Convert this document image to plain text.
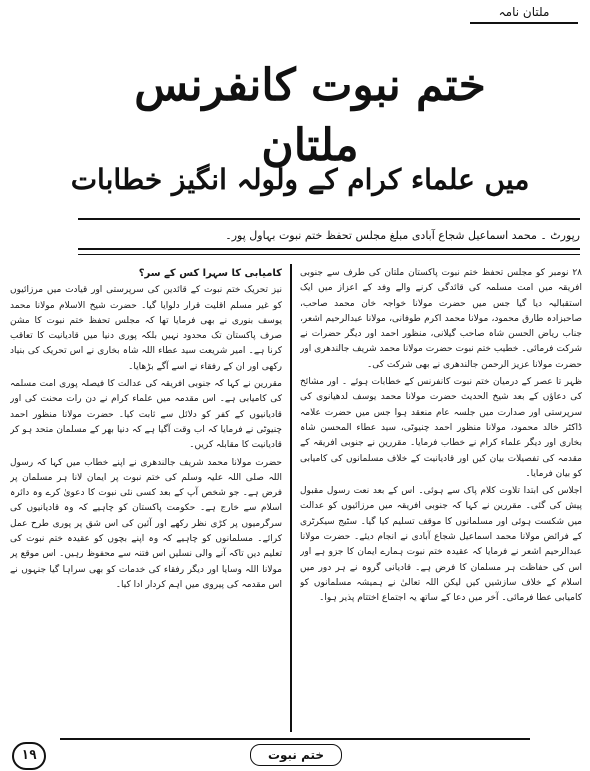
ملتان نامہ
ختم نبوت کانفرنس ملتان
میں علماء کرام کے ولولہ انگیز خطابات
رپورٹ ۔ محمد اسماعیل شجاع آبادی مبلغ مجلس تحفظ ختم نبوت بہاول پور۔

۲۸ نومبر کو مجلس تحفظ ختم نبوت پاکستان ملتان کی طرف سے جنوبی افریقہ میں امت مسلمہ کی قائدگی کرنے والے وفد کے اعزاز میں ایک استقبالیہ دیا گیا جس میں حضرت مولانا خواجہ خان محمد صاحب، صاحبزادہ طارق محمود، مولانا محمد اکرم طوفانی، مولانا عبدالرحیم اشعر، جناب ریاض الحسن شاہ صاحب گیلانی، منظور احمد اور دیگر حضرات نے شرکت فرمائی۔ خطیب ختم نبوت حضرت مولانا محمد شریف جالندھری اور حضرت مولانا عزیز الرحمن جالندھری نے بھی شرکت کی۔

ظہر تا عصر کے درمیان ختم نبوت کانفرنس کے خطابات ہوئے ۔ اور مشائخ کی دعاؤں کے بعد شیخ الحدیث حضرت مولانا محمد یوسف لدھیانوی کی سرپرستی اور صدارت میں جلسہ عام منعقد ہوا جس میں حضرت علامہ ڈاکٹر خالد محمود، مولانا منظور احمد چنیوٹی، سید عطاء المحسن شاہ بخاری اور دیگر علماء کرام نے خطاب فرمایا۔ مقررین نے جنوبی افریقہ کے مقدمہ کی تفصیلات بیان کیں اور قادیانیت کے خلاف مسلمانوں کی کامیابی کو بیان فرمایا۔

اجلاس کی ابتدا تلاوت کلام پاک سے ہوئی۔ اس کے بعد نعت رسول مقبول پیش کی گئی۔ مقررین نے کہا کہ جنوبی افریقہ میں مرزائیوں کو عدالت میں شکست ہوئی اور مسلمانوں کا موقف تسلیم کیا گیا۔ سٹیج سیکرٹری کے فرائض مولانا محمد اسماعیل شجاع آبادی نے انجام دیئے۔ حضرت مولانا عبدالرحیم اشعر نے فرمایا کہ عقیدہ ختم نبوت ہمارے ایمان کا جزو ہے اور اس کی حفاظت ہر مسلمان کا فرض ہے۔ قادیانی گروہ نے ہر دور میں اسلام کے خلاف سازشیں کیں لیکن اللہ تعالیٰ نے ہمیشہ مسلمانوں کو کامیابی عطا فرمائی۔ آخر میں دعا کے ساتھ یہ اجتماع اختتام پذیر ہوا۔

کامیابی کا سہرا کس کے سر؟

نیز تحریک ختم نبوت کے قائدین کی سرپرستی اور قیادت میں مرزائیوں کو غیر مسلم اقلیت قرار دلوایا گیا۔ حضرت شیخ الاسلام مولانا محمد یوسف بنوری نے بھی فرمایا تھا کہ مجلس تحفظ ختم نبوت کا مشن صرف پاکستان تک محدود نہیں بلکہ پوری دنیا میں قادیانیت کا تعاقب کرنا ہے۔ امیر شریعت سید عطاء اللہ شاہ بخاری نے اس تحریک کی بنیاد رکھی اور ان کے رفقاء نے اسے آگے بڑھایا۔

مقررین نے کہا کہ جنوبی افریقہ کی عدالت کا فیصلہ پوری امت مسلمہ کی کامیابی ہے۔ اس مقدمہ میں علماء کرام نے دن رات محنت کی اور قادیانیوں کے کفر کو دلائل سے ثابت کیا۔ حضرت مولانا منظور احمد چنیوٹی نے فرمایا کہ اب وقت آگیا ہے کہ دنیا بھر کے مسلمان متحد ہو کر قادیانیت کا مقابلہ کریں۔

حضرت مولانا محمد شریف جالندھری نے اپنے خطاب میں کہا کہ رسول اللہ صلی اللہ علیہ وسلم کی ختم نبوت پر ایمان لانا ہر مسلمان پر فرض ہے۔ جو شخص آپ کے بعد کسی نئی نبوت کا دعویٰ کرے وہ دائرہ اسلام سے خارج ہے۔ حکومت پاکستان کو چاہیے کہ وہ قادیانیوں کی سرگرمیوں پر کڑی نظر رکھے اور آئین کی اس شق پر پوری طرح عمل کرائے۔ مسلمانوں کو چاہیے کہ وہ اپنے بچوں کو عقیدہ ختم نبوت کی تعلیم دیں تاکہ آنے والی نسلیں اس فتنہ سے محفوظ رہیں۔ اس موقع پر مولانا اللہ وسایا اور دیگر رفقاء کی خدمات کو بھی سراہا گیا جنہوں نے اس مقدمہ کی پیروی میں اہم کردار ادا کیا۔

ختم نبوت
۱۹
